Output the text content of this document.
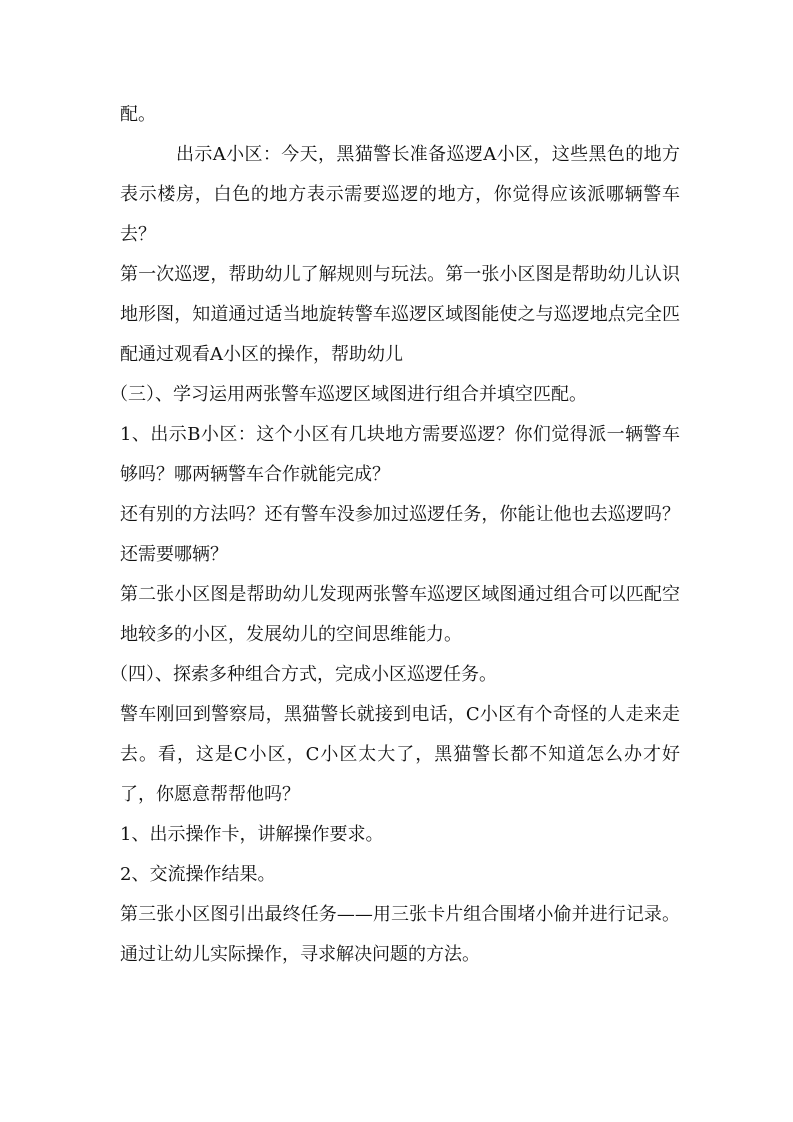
配。

出示A小区：今天，黑猫警长准备巡逻A小区，这些黑色的地方表示楼房，白色的地方表示需要巡逻的地方，你觉得应该派哪辆警车去？

第一次巡逻，帮助幼儿了解规则与玩法。第一张小区图是帮助幼儿认识地形图，知道通过适当地旋转警车巡逻区域图能使之与巡逻地点完全匹配通过观看A小区的操作，帮助幼儿

（三）、学习运用两张警车巡逻区域图进行组合并填空匹配。

1、出示B小区：这个小区有几块地方需要巡逻？你们觉得派一辆警车够吗？哪两辆警车合作就能完成？

还有别的方法吗？还有警车没参加过巡逻任务，你能让他也去巡逻吗？还需要哪辆？

第二张小区图是帮助幼儿发现两张警车巡逻区域图通过组合可以匹配空地较多的小区，发展幼儿的空间思维能力。

（四）、探索多种组合方式，完成小区巡逻任务。

警车刚回到警察局，黑猫警长就接到电话，C小区有个奇怪的人走来走去。看，这是C小区，C小区太大了，黑猫警长都不知道怎么办才好了，你愿意帮帮他吗？

1、出示操作卡，讲解操作要求。

2、交流操作结果。

第三张小区图引出最终任务——用三张卡片组合围堵小偷并进行记录。通过让幼儿实际操作，寻求解决问题的方法。
